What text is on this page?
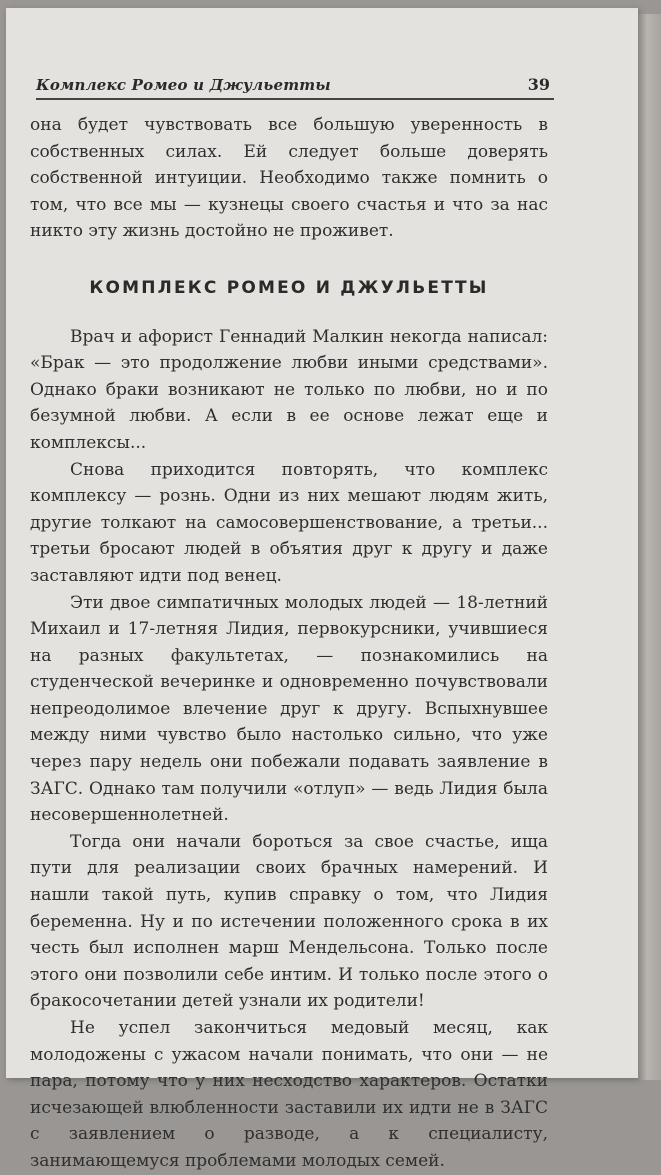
Комплекс Ромео и Джульетты	39

она будет чувствовать все большую уверенность в собственных силах. Ей следует больше доверять собственной интуиции. Необходимо также помнить о том, что все мы — кузнецы своего счастья и что за нас никто эту жизнь достойно не проживет.

КОМПЛЕКС РОМЕО И ДЖУЛЬЕТТЫ

Врач и афорист Геннадий Малкин некогда написал: «Брак — это продолжение любви иными средствами». Однако браки возникают не только по любви, но и по безумной любви. А если в ее основе лежат еще и комплексы...

Снова приходится повторять, что комплекс комплексу — рознь. Одни из них мешают людям жить, другие толкают на самосовершенствование, а третьи... третьи бросают людей в объятия друг к другу и даже заставляют идти под венец.

Эти двое симпатичных молодых людей — 18-летний Михаил и 17-летняя Лидия, первокурсники, учившиеся на разных факультетах, — познакомились на студенческой вечеринке и одновременно почувствовали непреодолимое влечение друг к другу. Вспыхнувшее между ними чувство было настолько сильно, что уже через пару недель они побежали подавать заявление в ЗАГС. Однако там получили «отлуп» — ведь Лидия была несовершеннолетней.

Тогда они начали бороться за свое счастье, ища пути для реализации своих брачных намерений. И нашли такой путь, купив справку о том, что Лидия беременна. Ну и по истечении положенного срока в их честь был исполнен марш Мендельсона. Только после этого они позволили себе интим. И только после этого о бракосочетании детей узнали их родители!

Не успел закончиться медовый месяц, как молодожены с ужасом начали понимать, что они — не пара, потому что у них несходство характеров. Остатки исчезающей влюбленности заставили их идти не в ЗАГС с заявлением о разводе, а к специалисту, занимающемуся проблемами молодых семей.
